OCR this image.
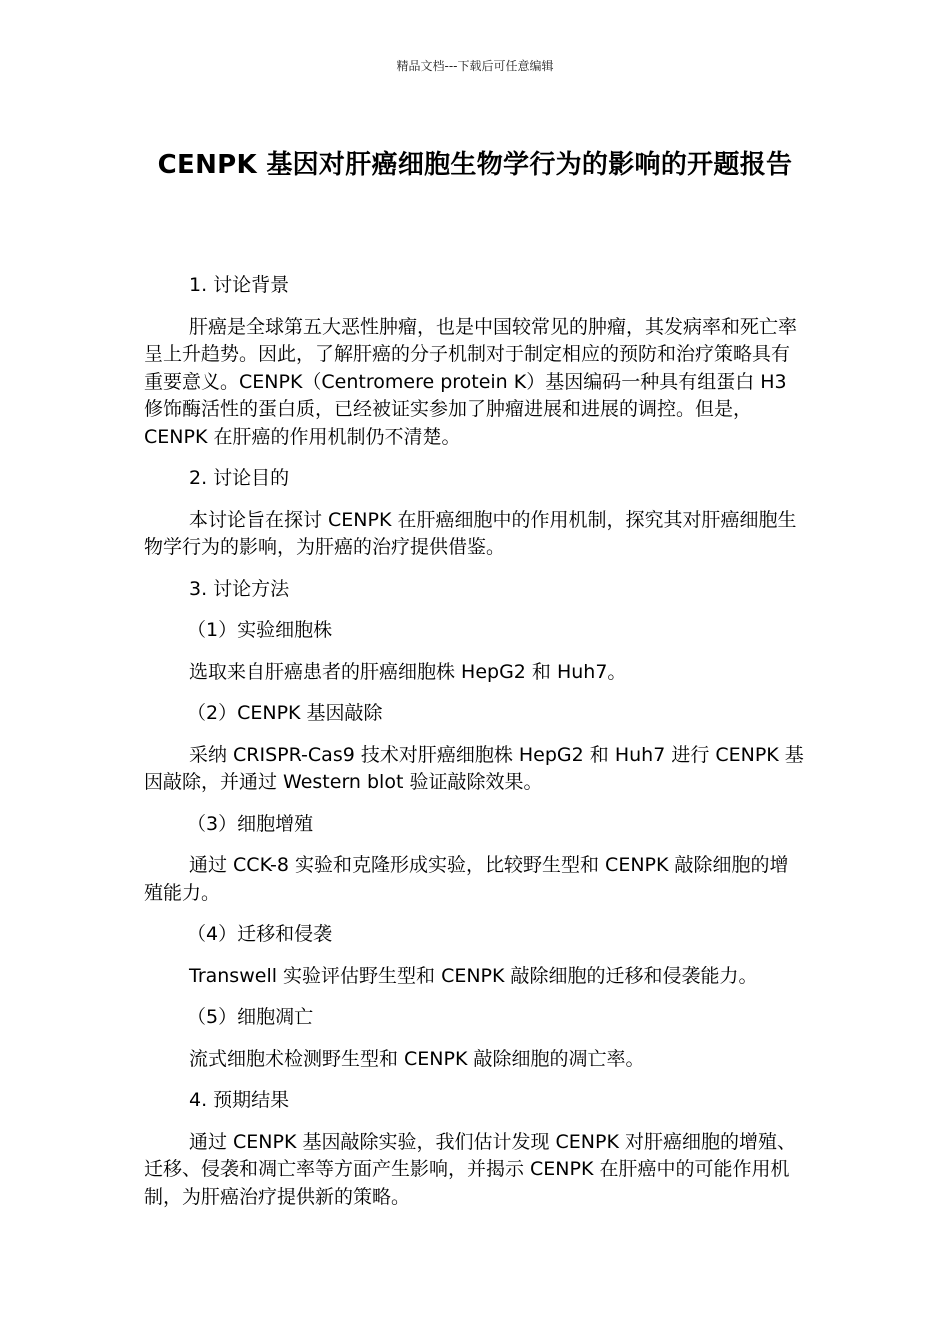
精品文档---下载后可任意编辑
CENPK 基因对肝癌细胞生物学行为的影响的开题报告

1. 讨论背景

肝癌是全球第五大恶性肿瘤，也是中国较常见的肿瘤，其发病率和死亡率呈上升趋势。因此，了解肝癌的分子机制对于制定相应的预防和治疗策略具有重要意义。CENPK（Centromere protein K）基因编码一种具有组蛋白 H3 修饰酶活性的蛋白质，已经被证实参加了肿瘤进展和进展的调控。但是，CENPK 在肝癌的作用机制仍不清楚。

2. 讨论目的

本讨论旨在探讨 CENPK 在肝癌细胞中的作用机制，探究其对肝癌细胞生物学行为的影响，为肝癌的治疗提供借鉴。

3. 讨论方法

（1）实验细胞株

选取来自肝癌患者的肝癌细胞株 HepG2 和 Huh7。

（2）CENPK 基因敲除

采纳 CRISPR-Cas9 技术对肝癌细胞株 HepG2 和 Huh7 进行 CENPK 基因敲除，并通过 Western blot 验证敲除效果。

（3）细胞增殖

通过 CCK-8 实验和克隆形成实验，比较野生型和 CENPK 敲除细胞的增殖能力。

（4）迁移和侵袭

Transwell 实验评估野生型和 CENPK 敲除细胞的迁移和侵袭能力。

（5）细胞凋亡

流式细胞术检测野生型和 CENPK 敲除细胞的凋亡率。

4. 预期结果

通过 CENPK 基因敲除实验，我们估计发现 CENPK 对肝癌细胞的增殖、迁移、侵袭和凋亡率等方面产生影响，并揭示 CENPK 在肝癌中的可能作用机制，为肝癌治疗提供新的策略。
